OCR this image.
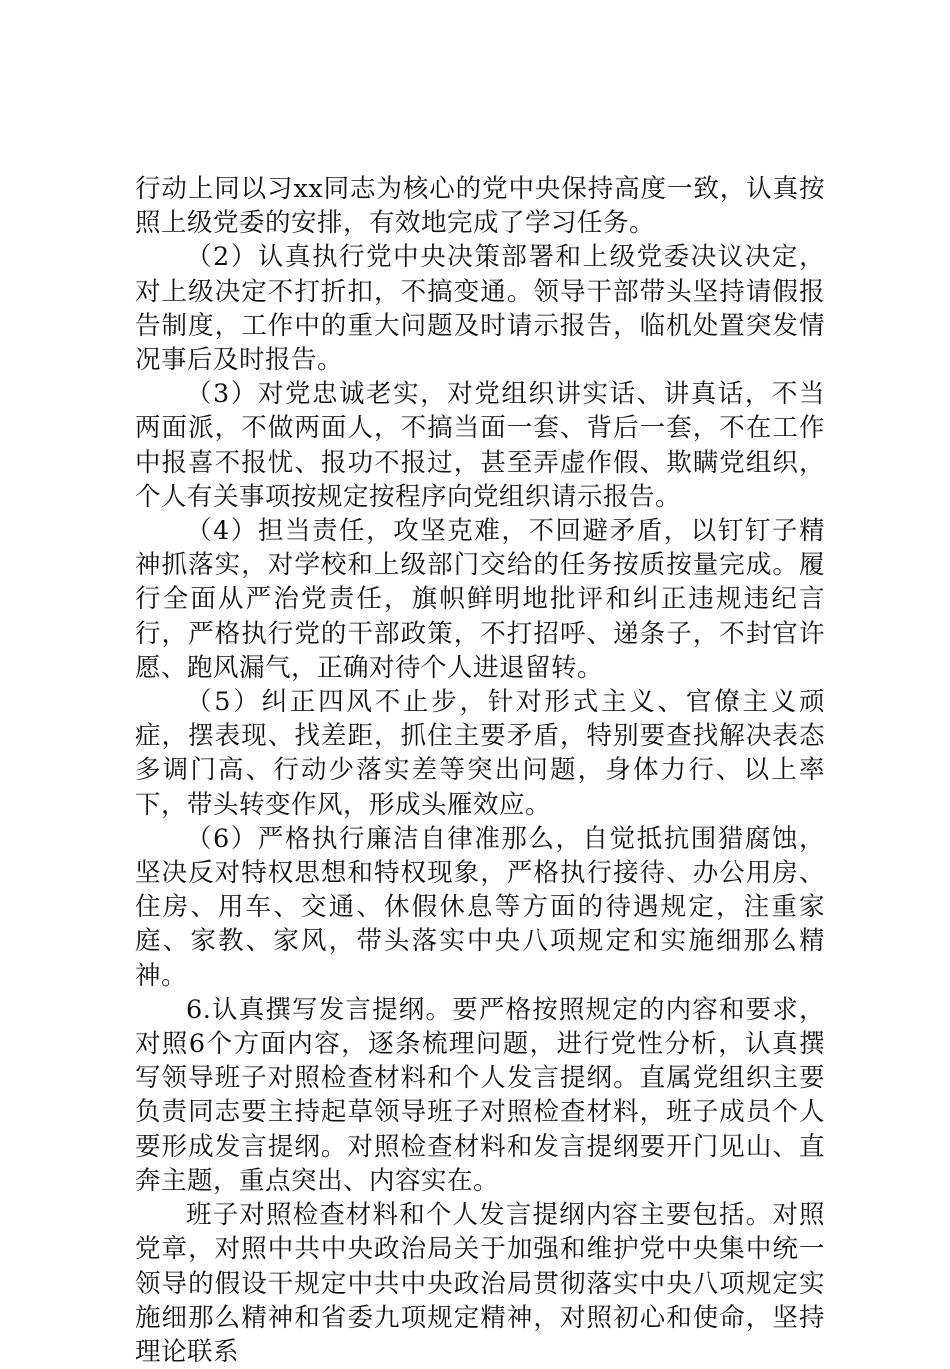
行动上同以习xx同志为核心的党中央保持高度一致，认真按照上级党委的安排，有效地完成了学习任务。

（2）认真执行党中央决策部署和上级党委决议决定，对上级决定不打折扣，不搞变通。领导干部带头坚持请假报告制度，工作中的重大问题及时请示报告，临机处置突发情况事后及时报告。

（3）对党忠诚老实，对党组织讲实话、讲真话，不当两面派，不做两面人，不搞当面一套、背后一套，不在工作中报喜不报忧、报功不报过，甚至弄虚作假、欺瞒党组织，个人有关事项按规定按程序向党组织请示报告。

（4）担当责任，攻坚克难，不回避矛盾，以钉钉子精神抓落实，对学校和上级部门交给的任务按质按量完成。履行全面从严治党责任，旗帜鲜明地批评和纠正违规违纪言行，严格执行党的干部政策，不打招呼、递条子，不封官许愿、跑风漏气，正确对待个人进退留转。

（5）纠正四风不止步，针对形式主义、官僚主义顽症，摆表现、找差距，抓住主要矛盾，特别要查找解决表态多调门高、行动少落实差等突出问题，身体力行、以上率下，带头转变作风，形成头雁效应。

（6）严格执行廉洁自律准那么，自觉抵抗围猎腐蚀，坚决反对特权思想和特权现象，严格执行接待、办公用房、住房、用车、交通、休假休息等方面的待遇规定，注重家庭、家教、家风，带头落实中央八项规定和实施细那么精神。

6.认真撰写发言提纲。要严格按照规定的内容和要求，对照6个方面内容，逐条梳理问题，进行党性分析，认真撰写领导班子对照检查材料和个人发言提纲。直属党组织主要负责同志要主持起草领导班子对照检查材料，班子成员个人要形成发言提纲。对照检查材料和发言提纲要开门见山、直奔主题，重点突出、内容实在。

班子对照检查材料和个人发言提纲内容主要包括。对照党章，对照中共中央政治局关于加强和维护党中央集中统一领导的假设干规定中共中央政治局贯彻落实中央八项规定实施细那么精神和省委九项规定精神，对照初心和使命，坚持理论联系
